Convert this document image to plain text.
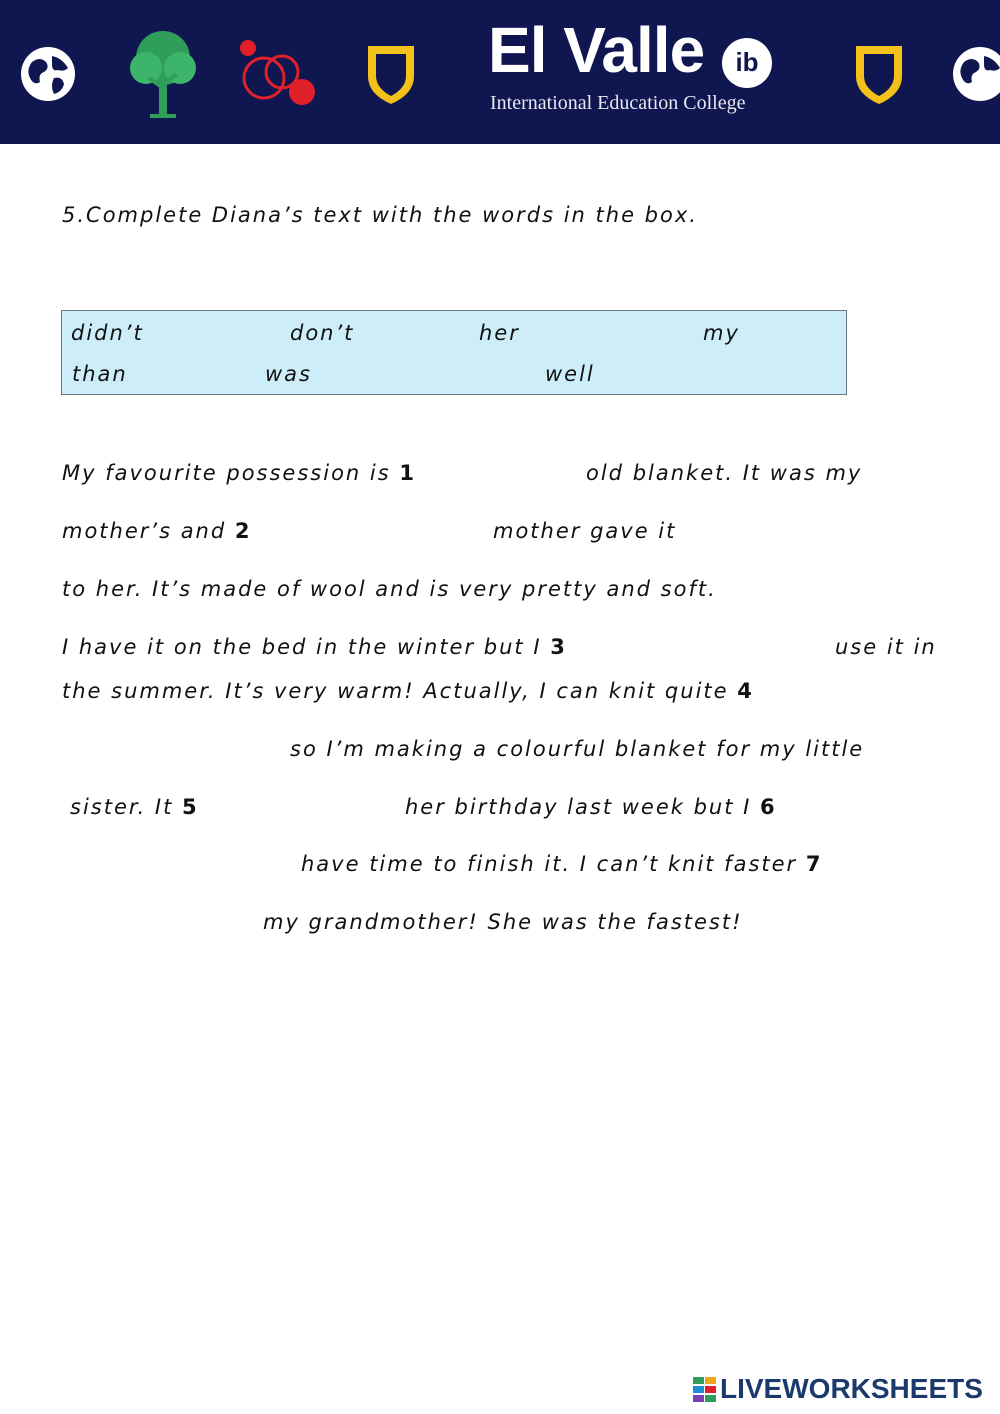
El Valle	ib
International Education College
5.Complete Diana’s text with the words in the box.
didn’t	don’t	her	my
than	was	well

My favourite possession is 1	old blanket. It was my

mother’s and 2	mother gave it

to her. It’s made of wool and is very pretty and soft.

I have it on the bed in the winter but I 3	use it in

the summer. It’s very warm! Actually, I can knit quite 4

so I’m making a colourful blanket for my little

sister. It 5	her birthday last week but I 6

have time to finish it. I can’t knit faster 7

my grandmother! She was the fastest!

LIVEWORKSHEETS
